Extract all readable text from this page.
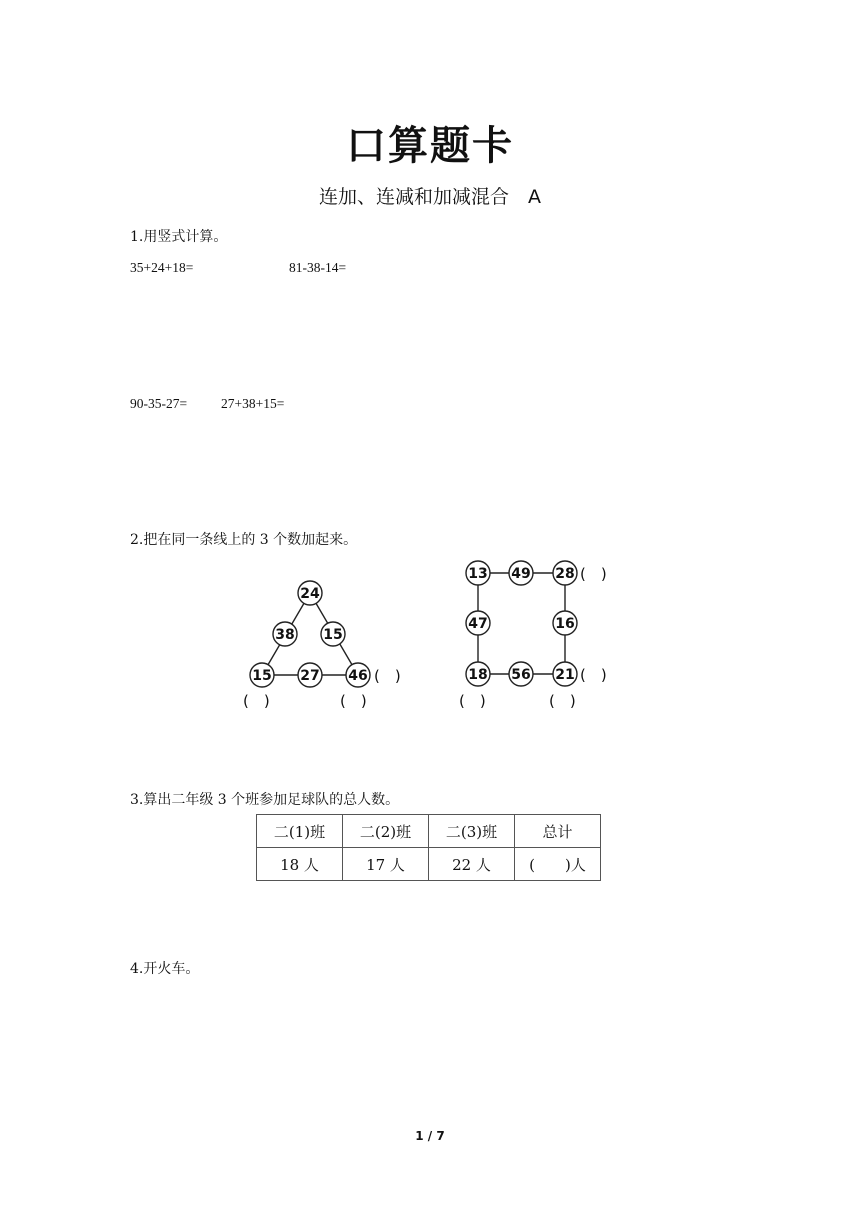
口算题卡
连加、连减和加减混合　A
1.用竖式计算。
35+24+18=	81-38-14=
90-35-27=	27+38+15=
2.把在同一条线上的 3 个数加起来。
24
38 15
15 27 46
13 49 28
47	16
18 56 21
(　)
(　)	(　)
(　)
(　)
(　)	(　)
3.算出二年级 3 个班参加足球队的总人数。
二(1)班	二(2)班	二(3)班	总计
18 人	17 人	22 人	(　　)人
4.开火车。
1 / 7
